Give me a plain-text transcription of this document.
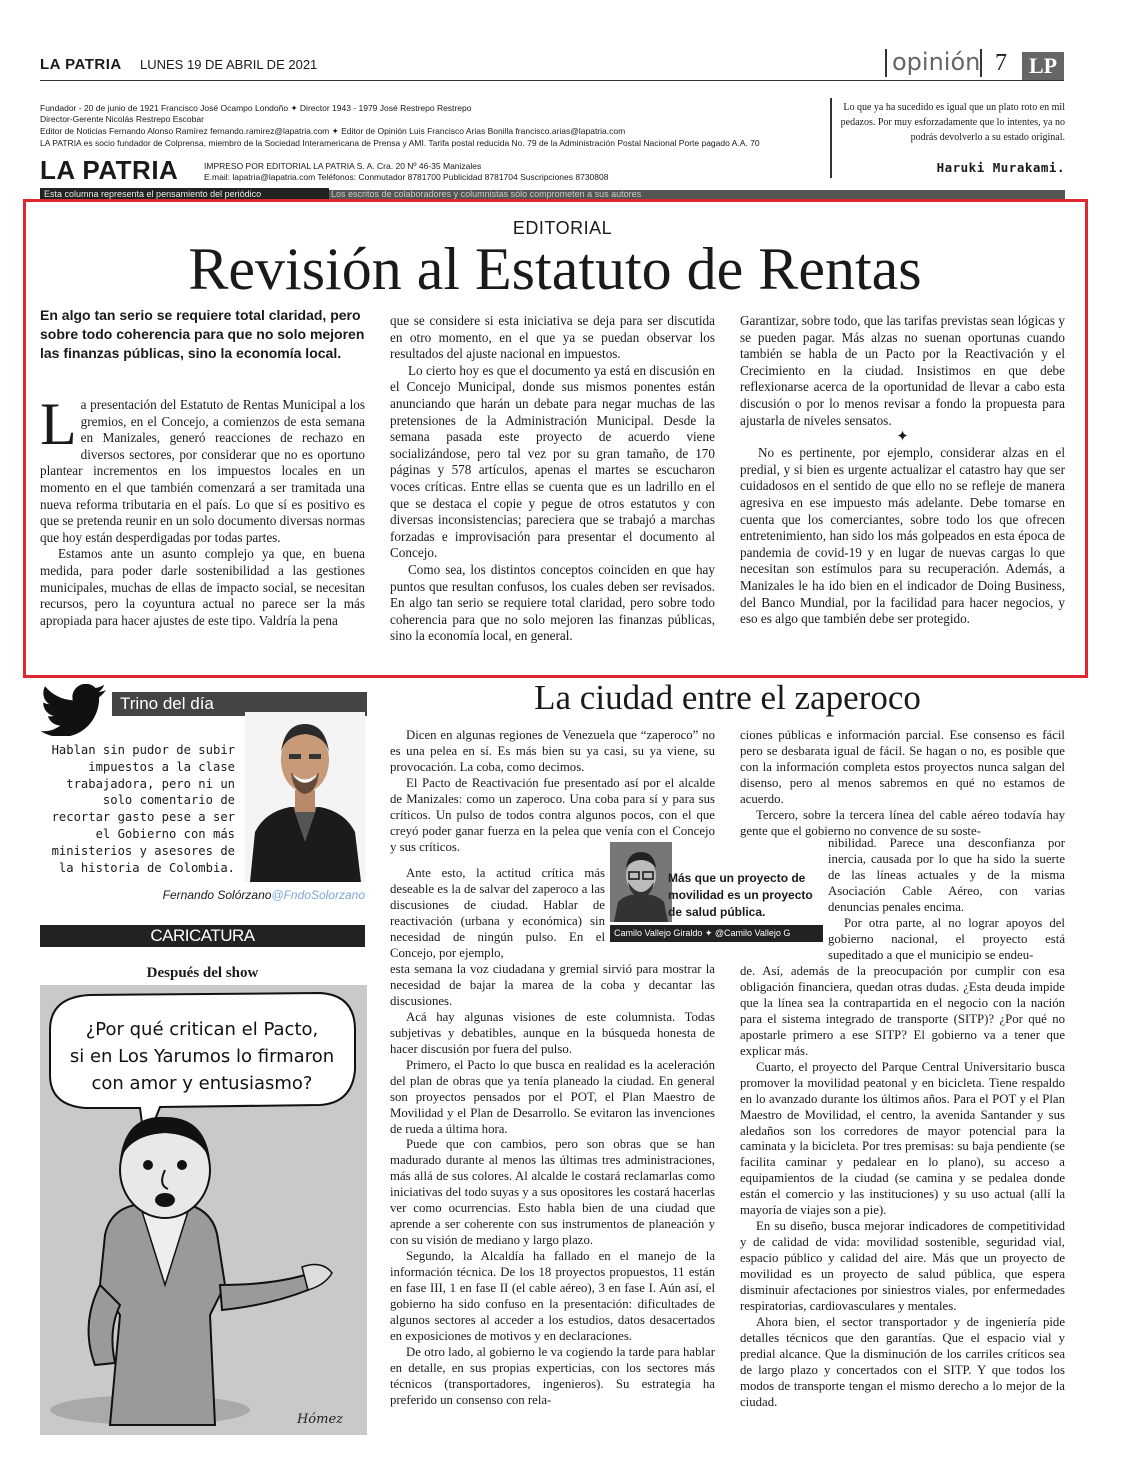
LA PATRIA LUNES 19 DE ABRIL DE 2021	opinión 7 LP
Fundador - 20 de junio de 1921 Francisco José Ocampo Londoño ✦ Director 1943 - 1979 José Restrepo Restrepo
Director-Gerente Nicolás Restrepo Escobar
Editor de Noticias Fernando Alonso Ramírez fernando.ramirez@lapatria.com ✦ Editor de Opinión Luis Francisco Arias Bonilla francisco.arias@lapatria.com
LA PATRIA es socio fundador de Colprensa, miembro de la Sociedad Interamericana de Prensa y AMI. Tarifa postal reducida No. 79 de la Administración Postal Nacional Porte pagado A.A. 70
LA PATRIA	IMPRESO POR EDITORIAL LA PATRIA S. A. Cra. 20 Nº 46-35 Manizales
E.mail: lapatria@lapatria.com Teléfonos: Conmutador 8781700 Publicidad 8781704 Suscripciones 8730808
Lo que ya ha sucedido es igual que un plato roto en mil pedazos. Por muy esforzadamente que lo intentes, ya no podrás devolverlo a su estado original.
Haruki Murakami.
Esta columna representa el pensamiento del periódico	Los escritos de colaboradores y columnistas sólo comprometen a sus autores
EDITORIAL
Revisión al Estatuto de Rentas
En algo tan serio se requiere total claridad, pero sobre todo coherencia para que no solo mejoren las finanzas públicas, sino la economía local.

La presentación del Estatuto de Rentas Municipal a los gremios, en el Concejo, a comienzos de esta semana en Manizales, generó reacciones de rechazo en diversos sectores, por considerar que no es oportuno plantear incrementos en los impuestos locales en un momento en el que también comenzará a ser tramitada una nueva reforma tributaria en el país. Lo que sí es positivo es que se pretenda reunir en un solo documento diversas normas que hoy están desperdigadas por todas partes.

Estamos ante un asunto complejo ya que, en buena medida, para poder darle sostenibilidad a las gestiones municipales, muchas de ellas de impacto social, se necesitan recursos, pero la coyuntura actual no parece ser la más apropiada para hacer ajustes de este tipo. Valdría la pena

que se considere si esta iniciativa se deja para ser discutida en otro momento, en el que ya se puedan observar los resultados del ajuste nacional en impuestos.

Lo cierto hoy es que el documento ya está en discusión en el Concejo Municipal, donde sus mismos ponentes están anunciando que harán un debate para negar muchas de las pretensiones de la Administración Municipal. Desde la semana pasada este proyecto de acuerdo viene socializándose, pero tal vez por su gran tamaño, de 170 páginas y 578 artículos, apenas el martes se escucharon voces críticas. Entre ellas se cuenta que es un ladrillo en el que se destaca el copie y pegue de otros estatutos y con diversas inconsistencias; pareciera que se trabajó a marchas forzadas e improvisación para presentar el documento al Concejo.

Como sea, los distintos conceptos coinciden en que hay puntos que resultan confusos, los cuales deben ser revisados. En algo tan serio se requiere total claridad, pero sobre todo coherencia para que no solo mejoren las finanzas públicas, sino la economía local, en general.

Garantizar, sobre todo, que las tarifas previstas sean lógicas y se pueden pagar. Más alzas no suenan oportunas cuando también se habla de un Pacto por la Reactivación y el Crecimiento en la ciudad. Insistimos en que debe reflexionarse acerca de la oportunidad de llevar a cabo esta discusión o por lo menos revisar a fondo la propuesta para ajustarla de niveles sensatos.

✦

No es pertinente, por ejemplo, considerar alzas en el predial, y si bien es urgente actualizar el catastro hay que ser cuidadosos en el sentido de que ello no se refleje de manera agresiva en ese impuesto más adelante. Debe tomarse en cuenta que los comerciantes, sobre todo los que ofrecen entretenimiento, han sido los más golpeados en esta época de pandemia de covid-19 y en lugar de nuevas cargas lo que necesitan son estímulos para su recuperación. Además, a Manizales le ha ido bien en el indicador de Doing Business, del Banco Mundial, por la facilidad para hacer negocios, y eso es algo que también debe ser protegido.

Trino del día
Hablan sin pudor de subir impuestos a la clase trabajadora, pero ni un solo comentario de recortar gasto pese a ser el Gobierno con más ministerios y asesores de la historia de Colombia.
Fernando Solórzano@FndoSolorzano
CARICATURA
Después del show
¿Por qué critican el Pacto,
si en Los Yarumos lo firmaron
con amor y entusiasmo?
Hómez
La ciudad entre el zaperoco

Dicen en algunas regiones de Venezuela que “zaperoco” no es una pelea en sí. Es más bien su ya casi, su ya viene, su provocación. La coba, como decimos.

El Pacto de Reactivación fue presentado así por el alcalde de Manizales: como un zaperoco. Una coba para sí y para sus críticos. Un pulso de todos contra algunos pocos, con el que creyó poder ganar fuerza en la pelea que venía con el Concejo y sus críticos.

Ante esto, la actitud crítica más deseable es la de salvar del zaperoco a las discusiones de ciudad. Hablar de reactivación (urbana y económica) sin necesidad de ningún pulso. En el Concejo, por ejemplo,

esta semana la voz ciudadana y gremial sirvió para mostrar la necesidad de bajar la marea de la coba y decantar las discusiones.

Acá hay algunas visiones de este columnista. Todas subjetivas y debatibles, aunque en la búsqueda honesta de hacer discusión por fuera del pulso.

Primero, el Pacto lo que busca en realidad es la aceleración del plan de obras que ya tenía planeado la ciudad. En general son proyectos pensados por el POT, el Plan Maestro de Movilidad y el Plan de Desarrollo. Se evitaron las invenciones de rueda a última hora.

Puede que con cambios, pero son obras que se han madurado durante al menos las últimas tres administraciones, más allá de sus colores. Al alcalde le costará reclamarlas como iniciativas del todo suyas y a sus opositores les costará hacerlas ver como ocurrencias. Esto habla bien de una ciudad que aprende a ser coherente con sus instrumentos de planeación y con su visión de mediano y largo plazo.

Segundo, la Alcaldía ha fallado en el manejo de la información técnica. De los 18 proyectos propuestos, 11 están en fase III, 1 en fase II (el cable aéreo), 3 en fase I. Aún así, el gobierno ha sido confuso en la presentación: dificultades de algunos sectores al acceder a los estudios, datos desacertados en exposiciones de motivos y en declaraciones.

De otro lado, al gobierno le va cogiendo la tarde para hablar en detalle, en sus propias experticias, con los sectores más técnicos (transportadores, ingenieros). Su estrategia ha preferido un consenso con rela-

ciones públicas e información parcial. Ese consenso es fácil pero se desbarata igual de fácil. Se hagan o no, es posible que con la información completa estos proyectos nunca salgan del disenso, pero al menos sabremos en qué no estamos de acuerdo.

Tercero, sobre la tercera línea del cable aéreo todavía hay gente que el gobierno no convence de su soste-

nibilidad. Parece una desconfianza por inercia, causada por lo que ha sido la suerte de las líneas actuales y de la misma Asociación Cable Aéreo, con varias denuncias penales encima.

Por otra parte, al no lograr apoyos del gobierno nacional, el proyecto está supeditado a que el municipio se endeu-

de. Así, además de la preocupación por cumplir con esa obligación financiera, quedan otras dudas. ¿Esta deuda impide que la línea sea la contrapartida en el negocio con la nación para el sistema integrado de transporte (SITP)? ¿Por qué no apostarle primero a ese SITP? El gobierno va a tener que explicar más.

Cuarto, el proyecto del Parque Central Universitario busca promover la movilidad peatonal y en bicicleta. Tiene respaldo en lo avanzado durante los últimos años. Para el POT y el Plan Maestro de Movilidad, el centro, la avenida Santander y sus aledaños son los corredores de mayor potencial para la caminata y la bicicleta. Por tres premisas: su baja pendiente (se facilita caminar y pedalear en lo plano), su acceso a equipamientos de la ciudad (se camina y se pedalea donde están el comercio y las instituciones) y su uso actual (allí la mayoría de viajes son a pie).

En su diseño, busca mejorar indicadores de competitividad y de calidad de vida: movilidad sostenible, seguridad vial, espacio público y calidad del aire. Más que un proyecto de movilidad es un proyecto de salud pública, que espera disminuir afectaciones por siniestros viales, por enfermedades respiratorias, cardiovasculares y mentales.

Ahora bien, el sector transportador y de ingeniería pide detalles técnicos que den garantías. Que el espacio vial y predial alcance. Que la disminución de los carriles críticos sea de largo plazo y concertados con el SITP. Y que todos los modos de transporte tengan el mismo derecho a lo mejor de la ciudad.

Más que un proyecto de movilidad es un proyecto de salud pública.
Camilo Vallejo Giraldo ✦ @Camilo Vallejo G
